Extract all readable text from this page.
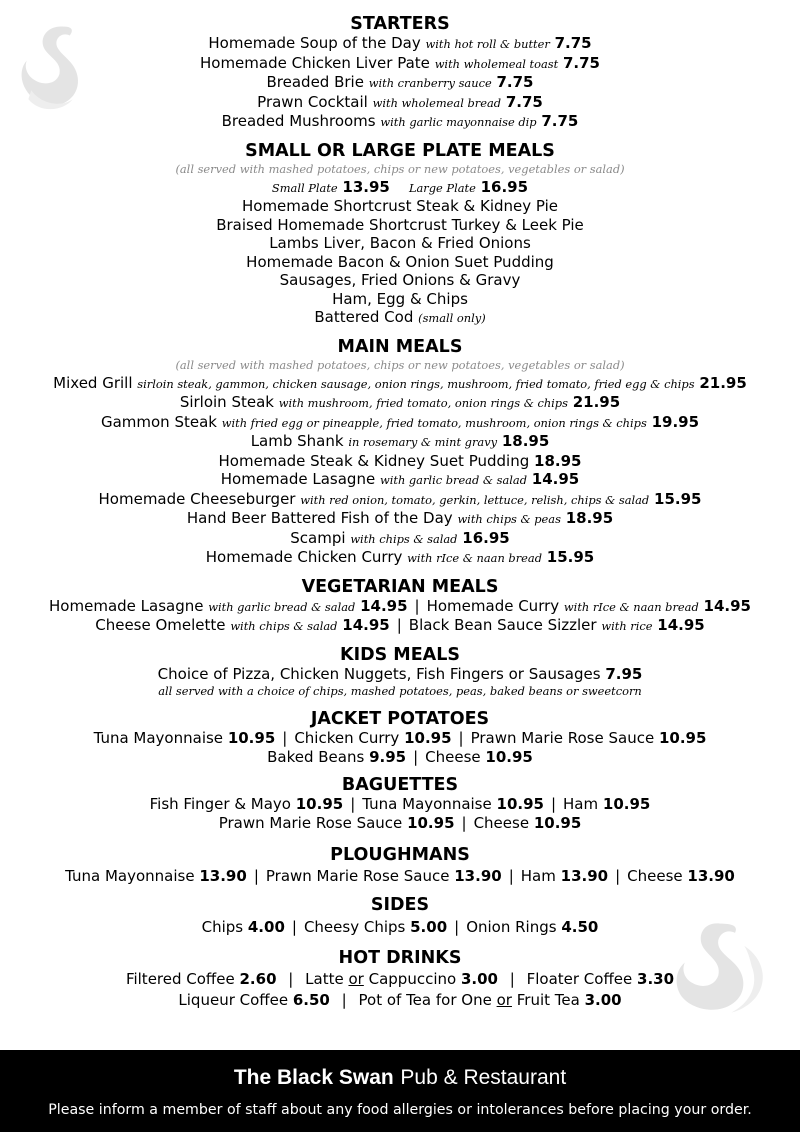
STARTERS
Homemade Soup of the Day with hot roll & butter 7.75
Homemade Chicken Liver Pate with wholemeal toast 7.75
Breaded Brie with cranberry sauce 7.75
Prawn Cocktail with wholemeal bread 7.75
Breaded Mushrooms with garlic mayonnaise dip 7.75
SMALL OR LARGE PLATE MEALS
(all served with mashed potatoes, chips or new potatoes, vegetables or salad)
Small Plate 13.95 Large Plate 16.95
Homemade Shortcrust Steak & Kidney Pie
Braised Homemade Shortcrust Turkey & Leek Pie
Lambs Liver, Bacon & Fried Onions
Homemade Bacon & Onion Suet Pudding
Sausages, Fried Onions & Gravy
Ham, Egg & Chips
Battered Cod (small only)
MAIN MEALS
(all served with mashed potatoes, chips or new potatoes, vegetables or salad)
Mixed Grill sirloin steak, gammon, chicken sausage, onion rings, mushroom, fried tomato, fried egg & chips 21.95
Sirloin Steak with mushroom, fried tomato, onion rings & chips 21.95
Gammon Steak with fried egg or pineapple, fried tomato, mushroom, onion rings & chips 19.95
Lamb Shank in rosemary & mint gravy 18.95
Homemade Steak & Kidney Suet Pudding 18.95
Homemade Lasagne with garlic bread & salad 14.95
Homemade Cheeseburger with red onion, tomato, gerkin, lettuce, relish, chips & salad 15.95
Hand Beer Battered Fish of the Day with chips & peas 18.95
Scampi with chips & salad 16.95
Homemade Chicken Curry with rIce & naan bread 15.95
VEGETARIAN MEALS
Homemade Lasagne with garlic bread & salad 14.95 | Homemade Curry with rIce & naan bread 14.95
Cheese Omelette with chips & salad 14.95 | Black Bean Sauce Sizzler with rice 14.95
KIDS MEALS
Choice of Pizza, Chicken Nuggets, Fish Fingers or Sausages 7.95
all served with a choice of chips, mashed potatoes, peas, baked beans or sweetcorn
JACKET POTATOES
Tuna Mayonnaise 10.95 | Chicken Curry 10.95 | Prawn Marie Rose Sauce 10.95
Baked Beans 9.95 | Cheese 10.95
BAGUETTES
Fish Finger & Mayo 10.95 | Tuna Mayonnaise 10.95 | Ham 10.95
Prawn Marie Rose Sauce 10.95 | Cheese 10.95
PLOUGHMANS
Tuna Mayonnaise 13.90 | Prawn Marie Rose Sauce 13.90 | Ham 13.90 | Cheese 13.90
SIDES
Chips 4.00 | Cheesy Chips 5.00 | Onion Rings 4.50
HOT DRINKS
Filtered Coffee 2.60 | Latte or Cappuccino 3.00 | Floater Coffee 3.30
Liqueur Coffee 6.50 | Pot of Tea for One or Fruit Tea 3.00
The Black Swan Pub & Restaurant
Please inform a member of staff about any food allergies or intolerances before placing your order.
